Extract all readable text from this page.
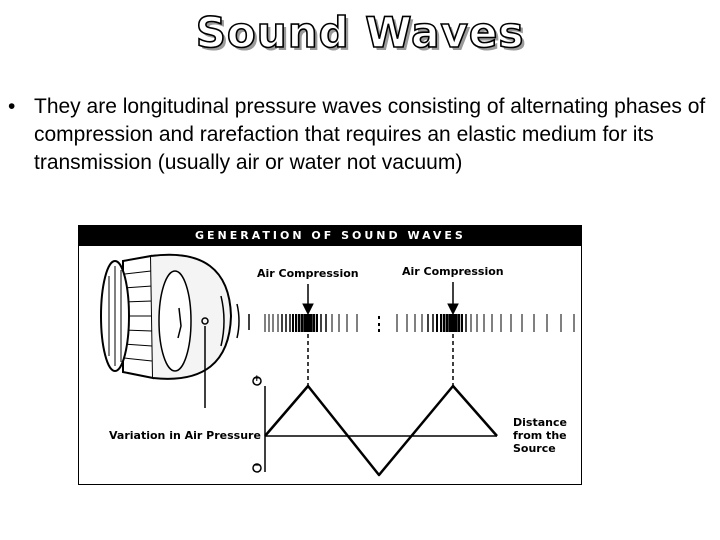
Sound Waves
• They are longitudinal pressure waves consisting of alternating phases of compression and rarefaction that requires an elastic medium for its transmission (usually air or water not vacuum)
GENERATION OF SOUND WAVES
Air Compression	Air Compression
Variation in Air Pressure
Distance
from the
Source
+
−
